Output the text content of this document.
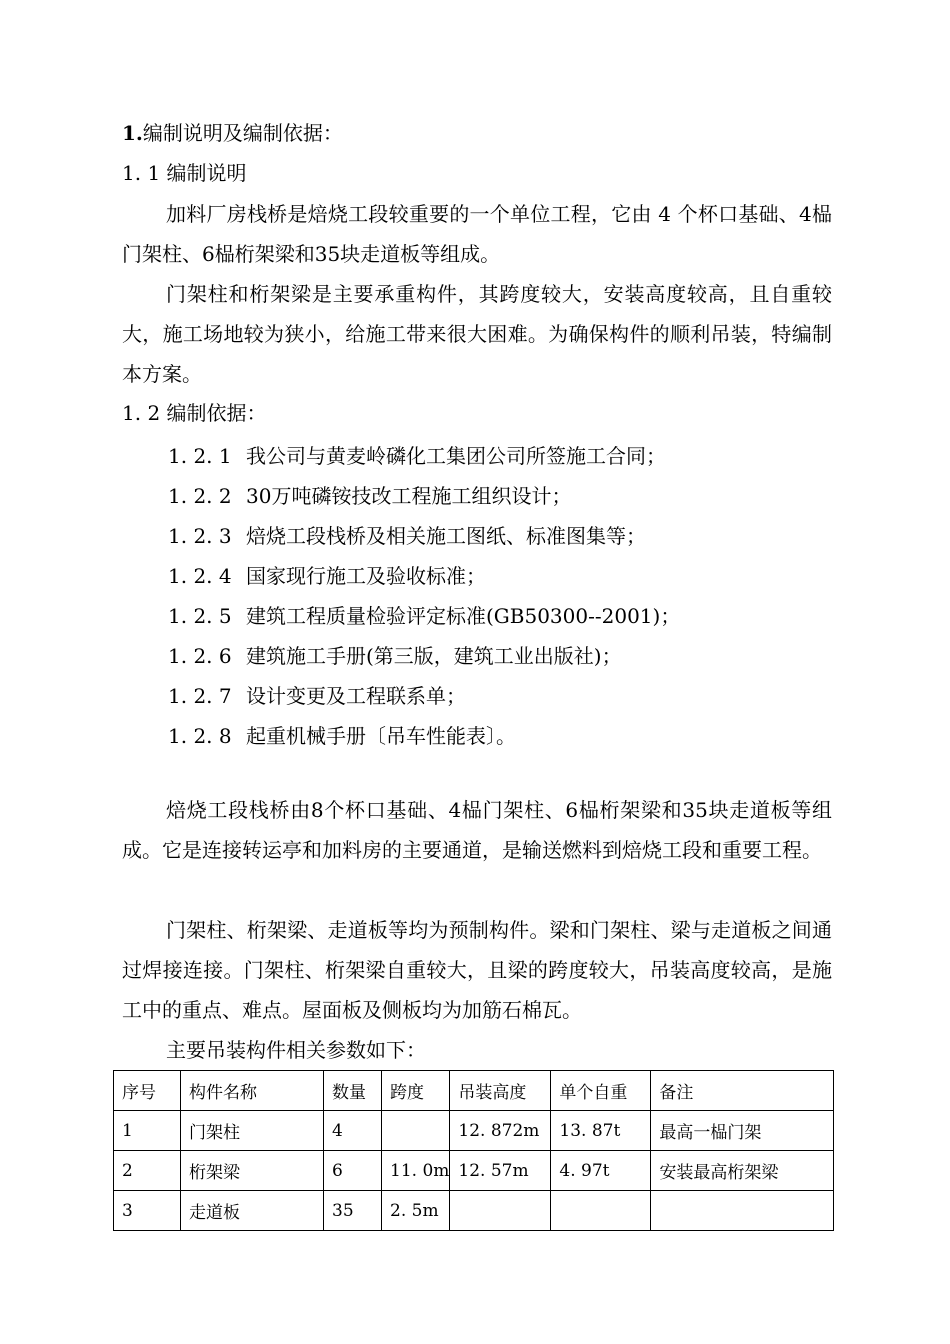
1.编制说明及编制依据：
1. 1 编制说明
加料厂房栈桥是焙烧工段较重要的一个单位工程，它由 4 个杯口基础、4榀门架柱、6榀桁架梁和35块走道板等组成。
门架柱和桁架梁是主要承重构件，其跨度较大，安装高度较高，且自重较大，施工场地较为狭小，给施工带来很大困难。为确保构件的顺利吊装，特编制本方案。
1. 2 编制依据：
1. 2. 1 我公司与黄麦岭磷化工集团公司所签施工合同；
1. 2. 2 30万吨磷铵技改工程施工组织设计；
1. 2. 3 焙烧工段栈桥及相关施工图纸、标准图集等；
1. 2. 4 国家现行施工及验收标准；
1. 2. 5 建筑工程质量检验评定标准(GB50300--2001)；
1. 2. 6 建筑施工手册(第三版，建筑工业出版社)；
1. 2. 7 设计变更及工程联系单；
1. 2. 8 起重机械手册〔吊车性能表〕。
焙烧工段栈桥由8个杯口基础、4榀门架柱、6榀桁架梁和35块走道板等组成。它是连接转运亭和加料房的主要通道，是输送燃料到焙烧工段和重要工程。
门架柱、桁架梁、走道板等均为预制构件。梁和门架柱、梁与走道板之间通过焊接连接。门架柱、桁架梁自重较大，且梁的跨度较大，吊装高度较高，是施工中的重点、难点。屋面板及侧板均为加筋石棉瓦。
主要吊装构件相关参数如下：
序号	构件名称	数量	跨度	吊装高度	单个自重	备注
1	门架柱	4		12. 872m	13. 87t	最高一榀门架
2	桁架梁	6	11. 0m	12. 57m	4. 97t	安装最高桁架梁
3	走道板	35	2. 5m			
